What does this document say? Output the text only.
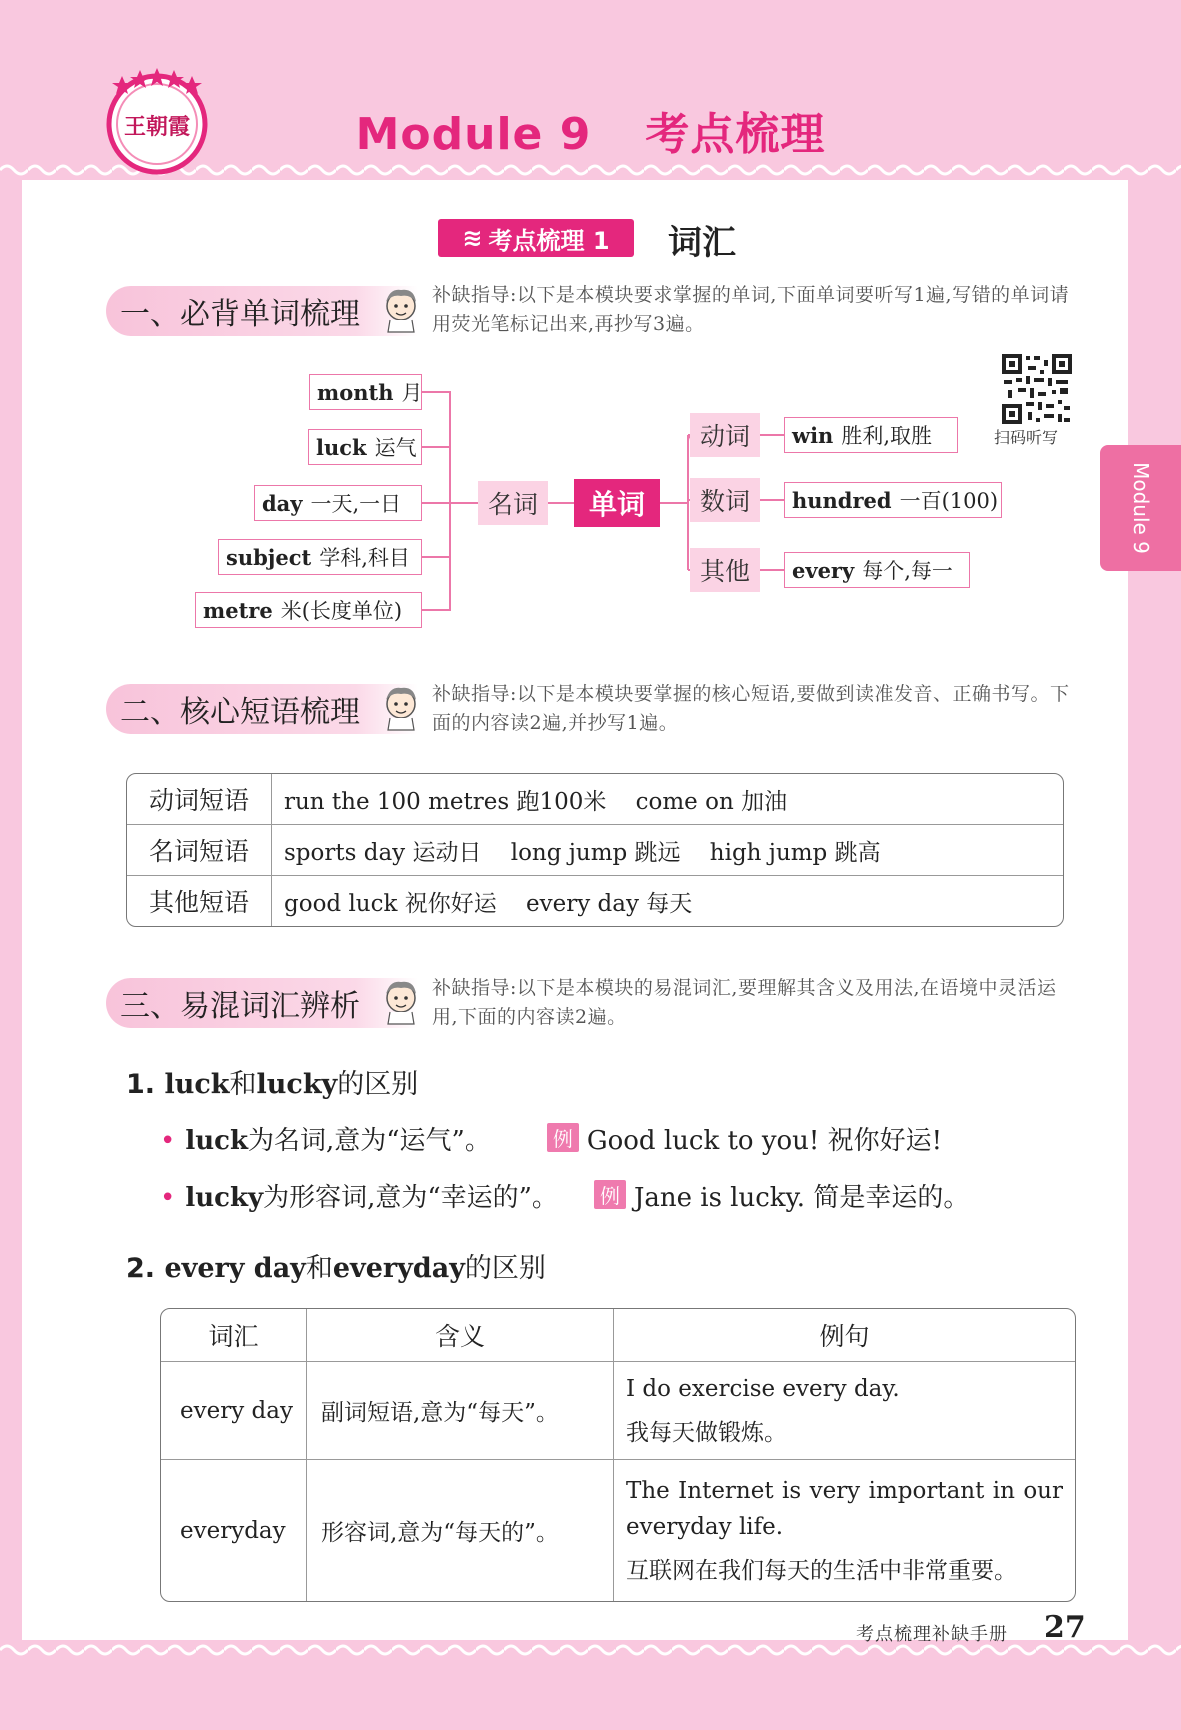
王朝霞	Module 9 考点梳理
Module 9
≋ 考点梳理 1 词汇
一、必背单词梳理
补缺指导:以下是本模块要求掌握的单词,下面单词要听写1遍,写错的单词请用荧光笔标记出来,再抄写3遍。
扫码听写
month 月
luck 运气
day 一天,一日
subject 学科,科目
metre 米(长度单位)
名词	单词
动词
数词
其他
win 胜利,取胜
hundred 一百(100)
every 每个,每一
二、核心短语梳理
补缺指导:以下是本模块要掌握的核心短语,要做到读准发音、正确书写。下面的内容读2遍,并抄写1遍。
动词短语	run the 100 metres 跑100米    come on 加油
名词短语	sports day 运动日    long jump 跳远    high jump 跳高
其他短语	good luck 祝你好运    every day 每天
三、易混词汇辨析
补缺指导:以下是本模块的易混词汇,要理解其含义及用法,在语境中灵活运用,下面的内容读2遍。
1. luck和lucky的区别
• luck为名词,意为“运气”。	例 Good luck to you! 祝你好运!
• lucky为形容词,意为“幸运的”。 例 Jane is lucky. 简是幸运的。
2. every day和everyday的区别
词汇	含义	例句
every day	副词短语,意为“每天”。	I do exercise every day.
我每天做锻炼。

everyday	形容词,意为“每天的”。	The Internet is very important in our everyday life.
互联网在我们每天的生活中非常重要。
考点梳理补缺手册 27
